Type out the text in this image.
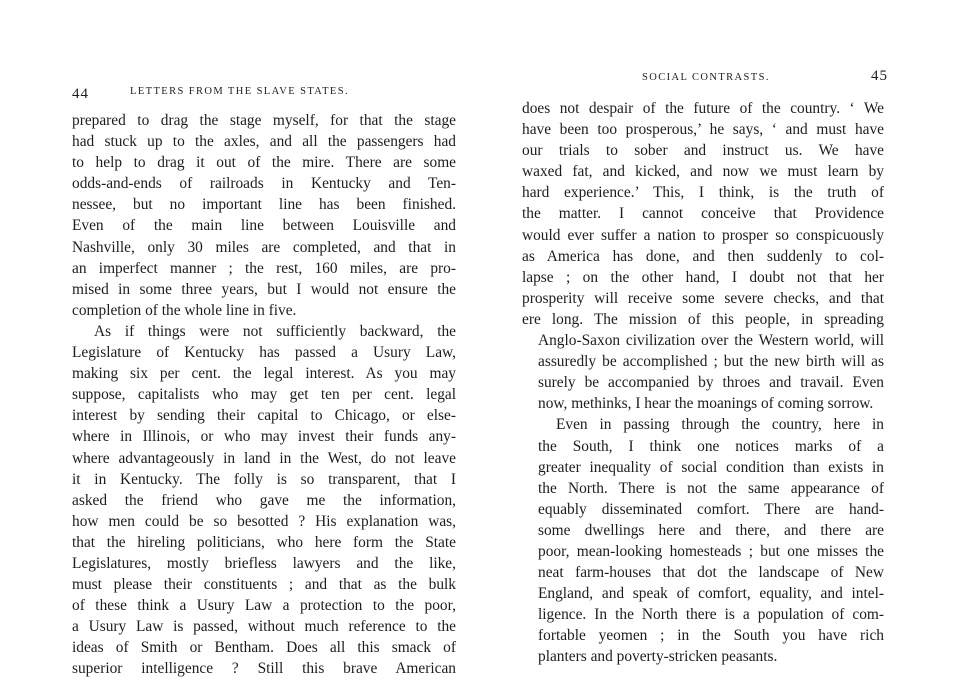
44	LETTERS FROM THE SLAVE STATES.
prepared to drag the stage myself, for that the stage
had stuck up to the axles, and all the passengers had
to help to drag it out of the mire. There are some
odds-and-ends of railroads in Kentucky and Ten-
nessee, but no important line has been finished.
Even of the main line between Louisville and
Nashville, only 30 miles are completed, and that in
an imperfect manner ; the rest, 160 miles, are pro-
mised in some three years, but I would not ensure the
completion of the whole line in five.
As if things were not sufficiently backward, the
Legislature of Kentucky has passed a Usury Law,
making six per cent. the legal interest. As you may
suppose, capitalists who may get ten per cent. legal
interest by sending their capital to Chicago, or else-
where in Illinois, or who may invest their funds any-
where advantageously in land in the West, do not leave
it in Kentucky. The folly is so transparent, that I
asked the friend who gave me the information,
how men could be so besotted ? His explanation was,
that the hireling politicians, who here form the State
Legislatures, mostly briefless lawyers and the like,
must please their constituents ; and that as the bulk
of these think a Usury Law a protection to the poor,
a Usury Law is passed, without much reference to the
ideas of Smith or Bentham. Does all this smack of
superior intelligence ? Still this brave American
SOCIAL CONTRASTS.	45
does not despair of the future of the country. ‘ We
have been too prosperous,’ he says, ‘ and must have
our trials to sober and instruct us. We have
waxed fat, and kicked, and now we must learn by
hard experience.’ This, I think, is the truth of
the matter. I cannot conceive that Providence
would ever suffer a nation to prosper so conspicuously
as America has done, and then suddenly to col-
lapse ; on the other hand, I doubt not that her
prosperity will receive some severe checks, and that
ere long. The mission of this people, in spreading
Anglo-Saxon civilization over the Western world, will
assuredly be accomplished ; but the new birth will as
surely be accompanied by throes and travail. Even
now, methinks, I hear the moanings of coming sorrow.
Even in passing through the country, here in
the South, I think one notices marks of a
greater inequality of social condition than exists in
the North. There is not the same appearance of
equably disseminated comfort. There are hand-
some dwellings here and there, and there are
poor, mean-looking homesteads ; but one misses the
neat farm-houses that dot the landscape of New
England, and speak of comfort, equality, and intel-
ligence. In the North there is a population of com-
fortable yeomen ; in the South you have rich
planters and poverty-stricken peasants.
